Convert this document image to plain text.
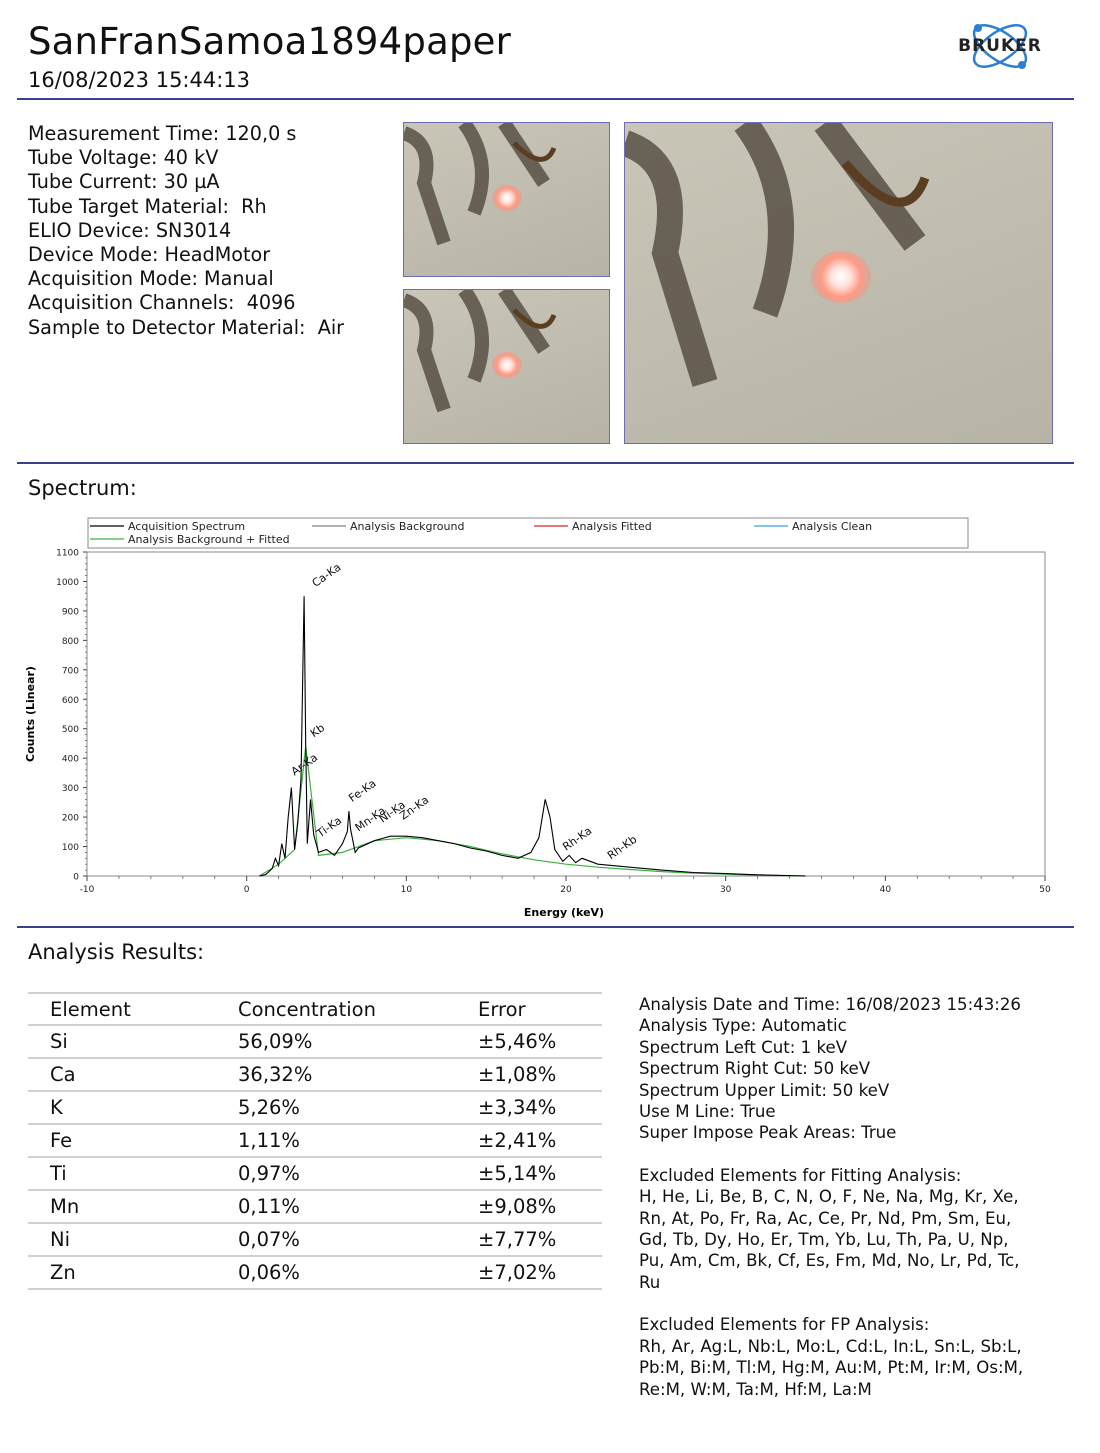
SanFranSamoa1894paper
16/08/2023 15:44:13
BRUKER
Measurement Time: 120,0 s
Tube Voltage: 40 kV
Tube Current: 30 µA
Tube Target Material:  Rh
ELIO Device: SN3014
Device Mode: HeadMotor
Acquisition Mode: Manual
Acquisition Channels:  4096
Sample to Detector Material:  Air
Spectrum:
Acquisition Spectrum	Analysis Background	Analysis Fitted	Analysis Clean
Analysis Background + Fitted
0
100
200
300
400
500
600
700
800
900
1000
1100
-10	0	10	20	30	40	50
Ca-Ka
Kb
Ar-Ka
Fe-Ka
Rh-Ka Rh-Kb
Ti-Ka Mn-Ka
Ni-Ka
Zn-Ka
Energy (keV)
Counts (Linear)
Analysis Results:
Element	Concentration	Error
Si	56,09%	±5,46%
Ca	36,32%	±1,08%
K	5,26%	±3,34%
Fe	1,11%	±2,41%
Ti	0,97%	±5,14%
Mn	0,11%	±9,08%
Ni	0,07%	±7,77%
Zn	0,06%	±7,02%
Analysis Date and Time: 16/08/2023 15:43:26
Analysis Type: Automatic
Spectrum Left Cut: 1 keV
Spectrum Right Cut: 50 keV
Spectrum Upper Limit: 50 keV
Use M Line: True
Super Impose Peak Areas: True
Excluded Elements for Fitting Analysis:
H, He, Li, Be, B, C, N, O, F, Ne, Na, Mg, Kr, Xe,
Rn, At, Po, Fr, Ra, Ac, Ce, Pr, Nd, Pm, Sm, Eu,
Gd, Tb, Dy, Ho, Er, Tm, Yb, Lu, Th, Pa, U, Np,
Pu, Am, Cm, Bk, Cf, Es, Fm, Md, No, Lr, Pd, Tc,
Ru
Excluded Elements for FP Analysis:
Rh, Ar, Ag:L, Nb:L, Mo:L, Cd:L, In:L, Sn:L, Sb:L,
Pb:M, Bi:M, Tl:M, Hg:M, Au:M, Pt:M, Ir:M, Os:M,
Re:M, W:M, Ta:M, Hf:M, La:M
